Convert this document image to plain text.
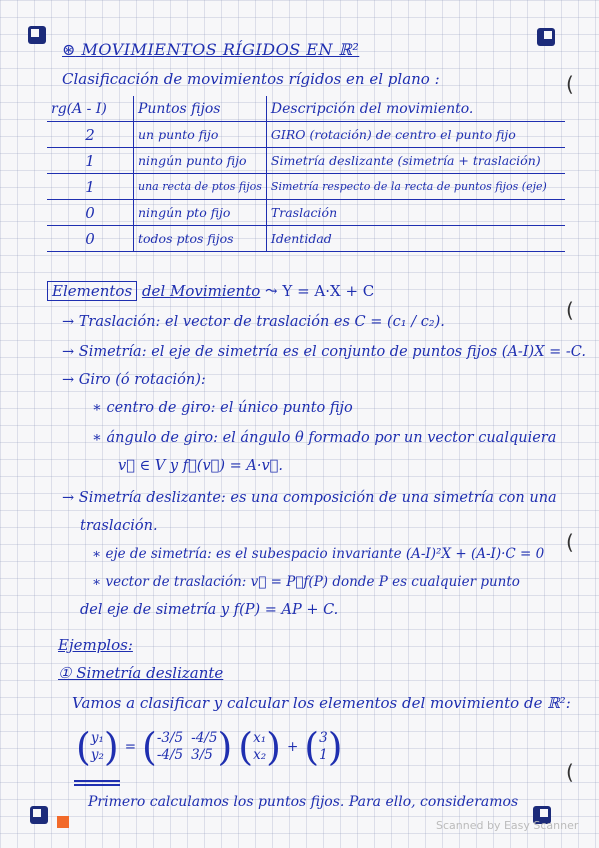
(
(
(
(
⊛ MOVIMIENTOS RÍGIDOS EN ℝ²
Clasificación de movimientos rígidos en el plano :
rg(A - I)	Puntos fijos	Descripción del movimiento.
2	un punto fijo	GIRO (rotación) de centro el punto fijo
1	ningún punto fijo	Simetría deslizante (simetría + traslación)
1	una recta de ptos fijos	Simetría respecto de la recta de puntos fijos (eje)
0	ningún pto fijo	Traslación
0	todos ptos fijos	Identidad
Elementos del Movimiento ⤳ Y = A·X + C
→ Traslación: el vector de traslación es C = (c₁ / c₂).
→ Simetría: el eje de simetría es el conjunto de puntos fijos (A-I)X = -C.
→ Giro (ó rotación):
∗ centro de giro: el único punto fijo
∗ ángulo de giro: el ángulo θ formado por un vector cualquiera
v⃗ ∈ V y f⃗(v⃗) = A·v⃗.
→ Simetría deslizante: es una composición de una simetría con una
traslación.
∗ eje de simetría: es el subespacio invariante (A-I)²X + (A-I)·C = 0
∗ vector de traslación: v⃗ = P⃗f(P) donde P es cualquier punto
del eje de simetría y f(P) = AP + C.
Ejemplos:
① Simetría deslizante
Vamos a clasificar y calcular los elementos del movimiento de ℝ²:
( y₁
y₂ ) = ( -3/5 -4/5
-4/5 3/5 ) ( x₁
x₂ ) + ( 3
1 )
Primero calculamos los puntos fijos. Para ello, consideramos
Scanned by Easy Scanner
